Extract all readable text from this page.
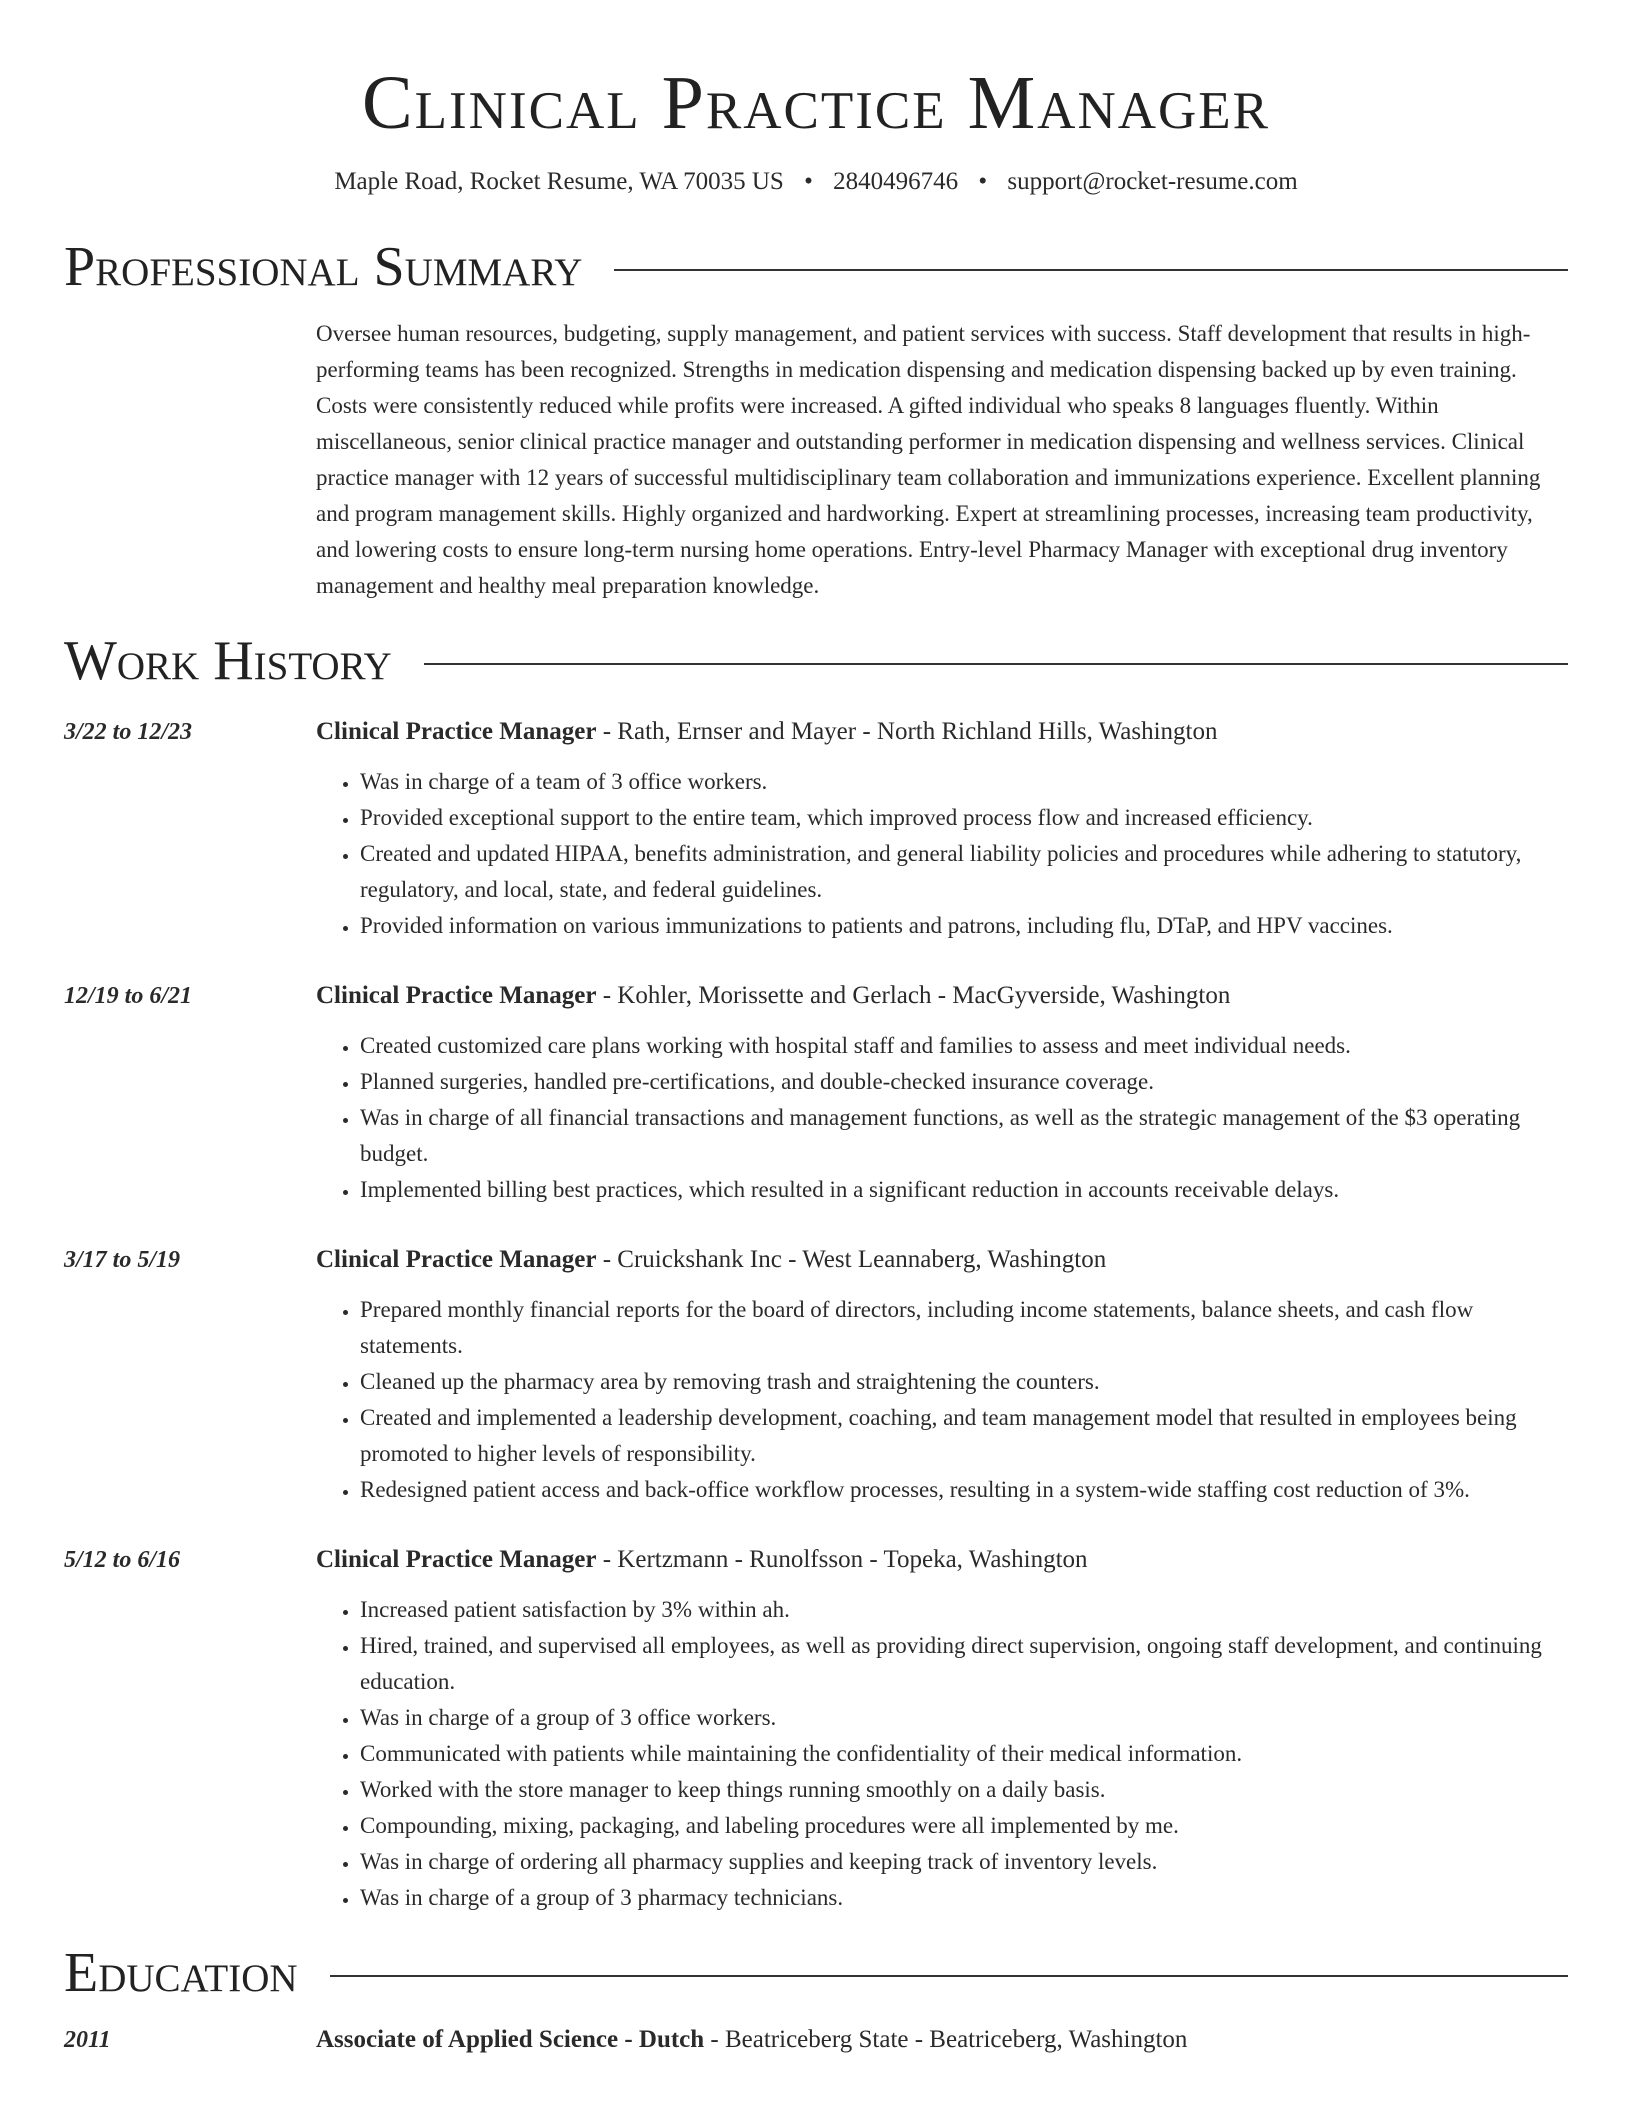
Clinical Practice Manager
Maple Road, Rocket Resume, WA 70035 US • 2840496746 • support@rocket-resume.com
Professional Summary
Oversee human resources, budgeting, supply management, and patient services with success. Staff development that results in high-performing teams has been recognized. Strengths in medication dispensing and medication dispensing backed up by even training. Costs were consistently reduced while profits were increased. A gifted individual who speaks 8 languages fluently. Within miscellaneous, senior clinical practice manager and outstanding performer in medication dispensing and wellness services. Clinical practice manager with 12 years of successful multidisciplinary team collaboration and immunizations experience. Excellent planning and program management skills. Highly organized and hardworking. Expert at streamlining processes, increasing team productivity, and lowering costs to ensure long-term nursing home operations. Entry-level Pharmacy Manager with exceptional drug inventory management and healthy meal preparation knowledge.
Work History
3/22 to 12/23	Clinical Practice Manager - Rath, Ernser and Mayer - North Richland Hills, Washington
• Was in charge of a team of 3 office workers.
• Provided exceptional support to the entire team, which improved process flow and increased efficiency.
• Created and updated HIPAA, benefits administration, and general liability policies and procedures while adhering to statutory, regulatory, and local, state, and federal guidelines.
• Provided information on various immunizations to patients and patrons, including flu, DTaP, and HPV vaccines.
12/19 to 6/21	Clinical Practice Manager - Kohler, Morissette and Gerlach - MacGyverside, Washington
• Created customized care plans working with hospital staff and families to assess and meet individual needs.
• Planned surgeries, handled pre-certifications, and double-checked insurance coverage.
• Was in charge of all financial transactions and management functions, as well as the strategic management of the $3 operating budget.
• Implemented billing best practices, which resulted in a significant reduction in accounts receivable delays.
3/17 to 5/19	Clinical Practice Manager - Cruickshank Inc - West Leannaberg, Washington
• Prepared monthly financial reports for the board of directors, including income statements, balance sheets, and cash flow statements.
• Cleaned up the pharmacy area by removing trash and straightening the counters.
• Created and implemented a leadership development, coaching, and team management model that resulted in employees being promoted to higher levels of responsibility.
• Redesigned patient access and back-office workflow processes, resulting in a system-wide staffing cost reduction of 3%.
5/12 to 6/16	Clinical Practice Manager - Kertzmann - Runolfsson - Topeka, Washington
• Increased patient satisfaction by 3% within ah.
• Hired, trained, and supervised all employees, as well as providing direct supervision, ongoing staff development, and continuing education.
• Was in charge of a group of 3 office workers.
• Communicated with patients while maintaining the confidentiality of their medical information.
• Worked with the store manager to keep things running smoothly on a daily basis.
• Compounding, mixing, packaging, and labeling procedures were all implemented by me.
• Was in charge of ordering all pharmacy supplies and keeping track of inventory levels.
• Was in charge of a group of 3 pharmacy technicians.
Education
2011	Associate of Applied Science - Dutch - Beatriceberg State - Beatriceberg, Washington
